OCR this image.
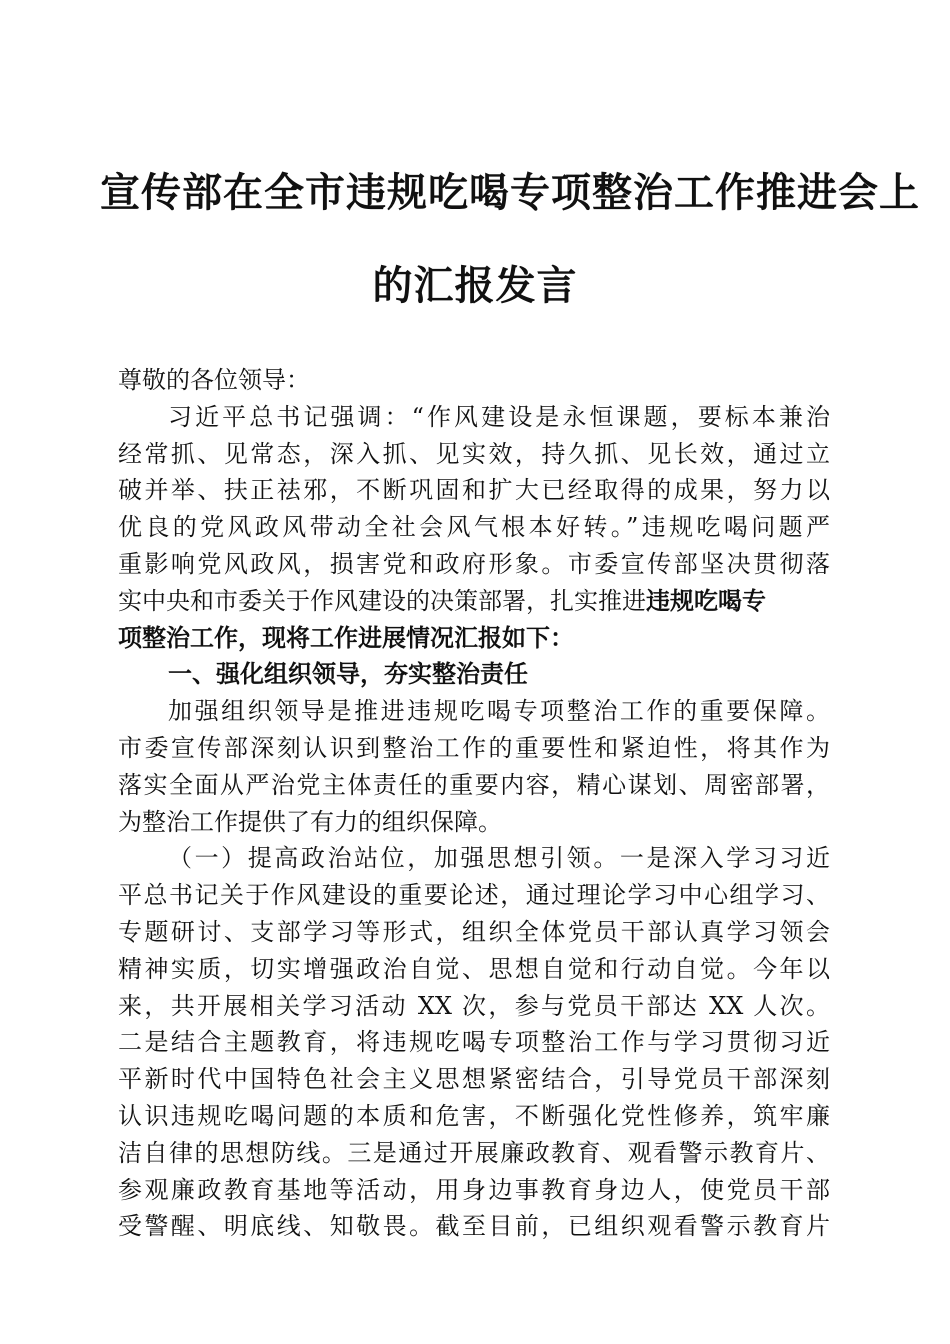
宣传部在全市违规吃喝专项整治工作推进会上
的汇报发言
尊敬的各位领导：
习近平总书记强调：“作风建设是永恒课题，要标本兼治
经常抓、见常态，深入抓、见实效，持久抓、见长效，通过立
破并举、扶正祛邪，不断巩固和扩大已经取得的成果，努力以
优良的党风政风带动全社会风气根本好转。”违规吃喝问题严
重影响党风政风，损害党和政府形象。市委宣传部坚决贯彻落
实中央和市委关于作风建设的决策部署，扎实推进违规吃喝专
项整治工作，现将工作进展情况汇报如下：
一、强化组织领导，夯实整治责任
加强组织领导是推进违规吃喝专项整治工作的重要保障。
市委宣传部深刻认识到整治工作的重要性和紧迫性，将其作为
落实全面从严治党主体责任的重要内容，精心谋划、周密部署，
为整治工作提供了有力的组织保障。
（一）提高政治站位，加强思想引领。一是深入学习习近
平总书记关于作风建设的重要论述，通过理论学习中心组学习、
专题研讨、支部学习等形式，组织全体党员干部认真学习领会
精神实质，切实增强政治自觉、思想自觉和行动自觉。今年以
来，共开展相关学习活动 XX 次，参与党员干部达 XX 人次。
二是结合主题教育，将违规吃喝专项整治工作与学习贯彻习近
平新时代中国特色社会主义思想紧密结合，引导党员干部深刻
认识违规吃喝问题的本质和危害，不断强化党性修养，筑牢廉
洁自律的思想防线。三是通过开展廉政教育、观看警示教育片、
参观廉政教育基地等活动，用身边事教育身边人，使党员干部
受警醒、明底线、知敬畏。截至目前，已组织观看警示教育片
